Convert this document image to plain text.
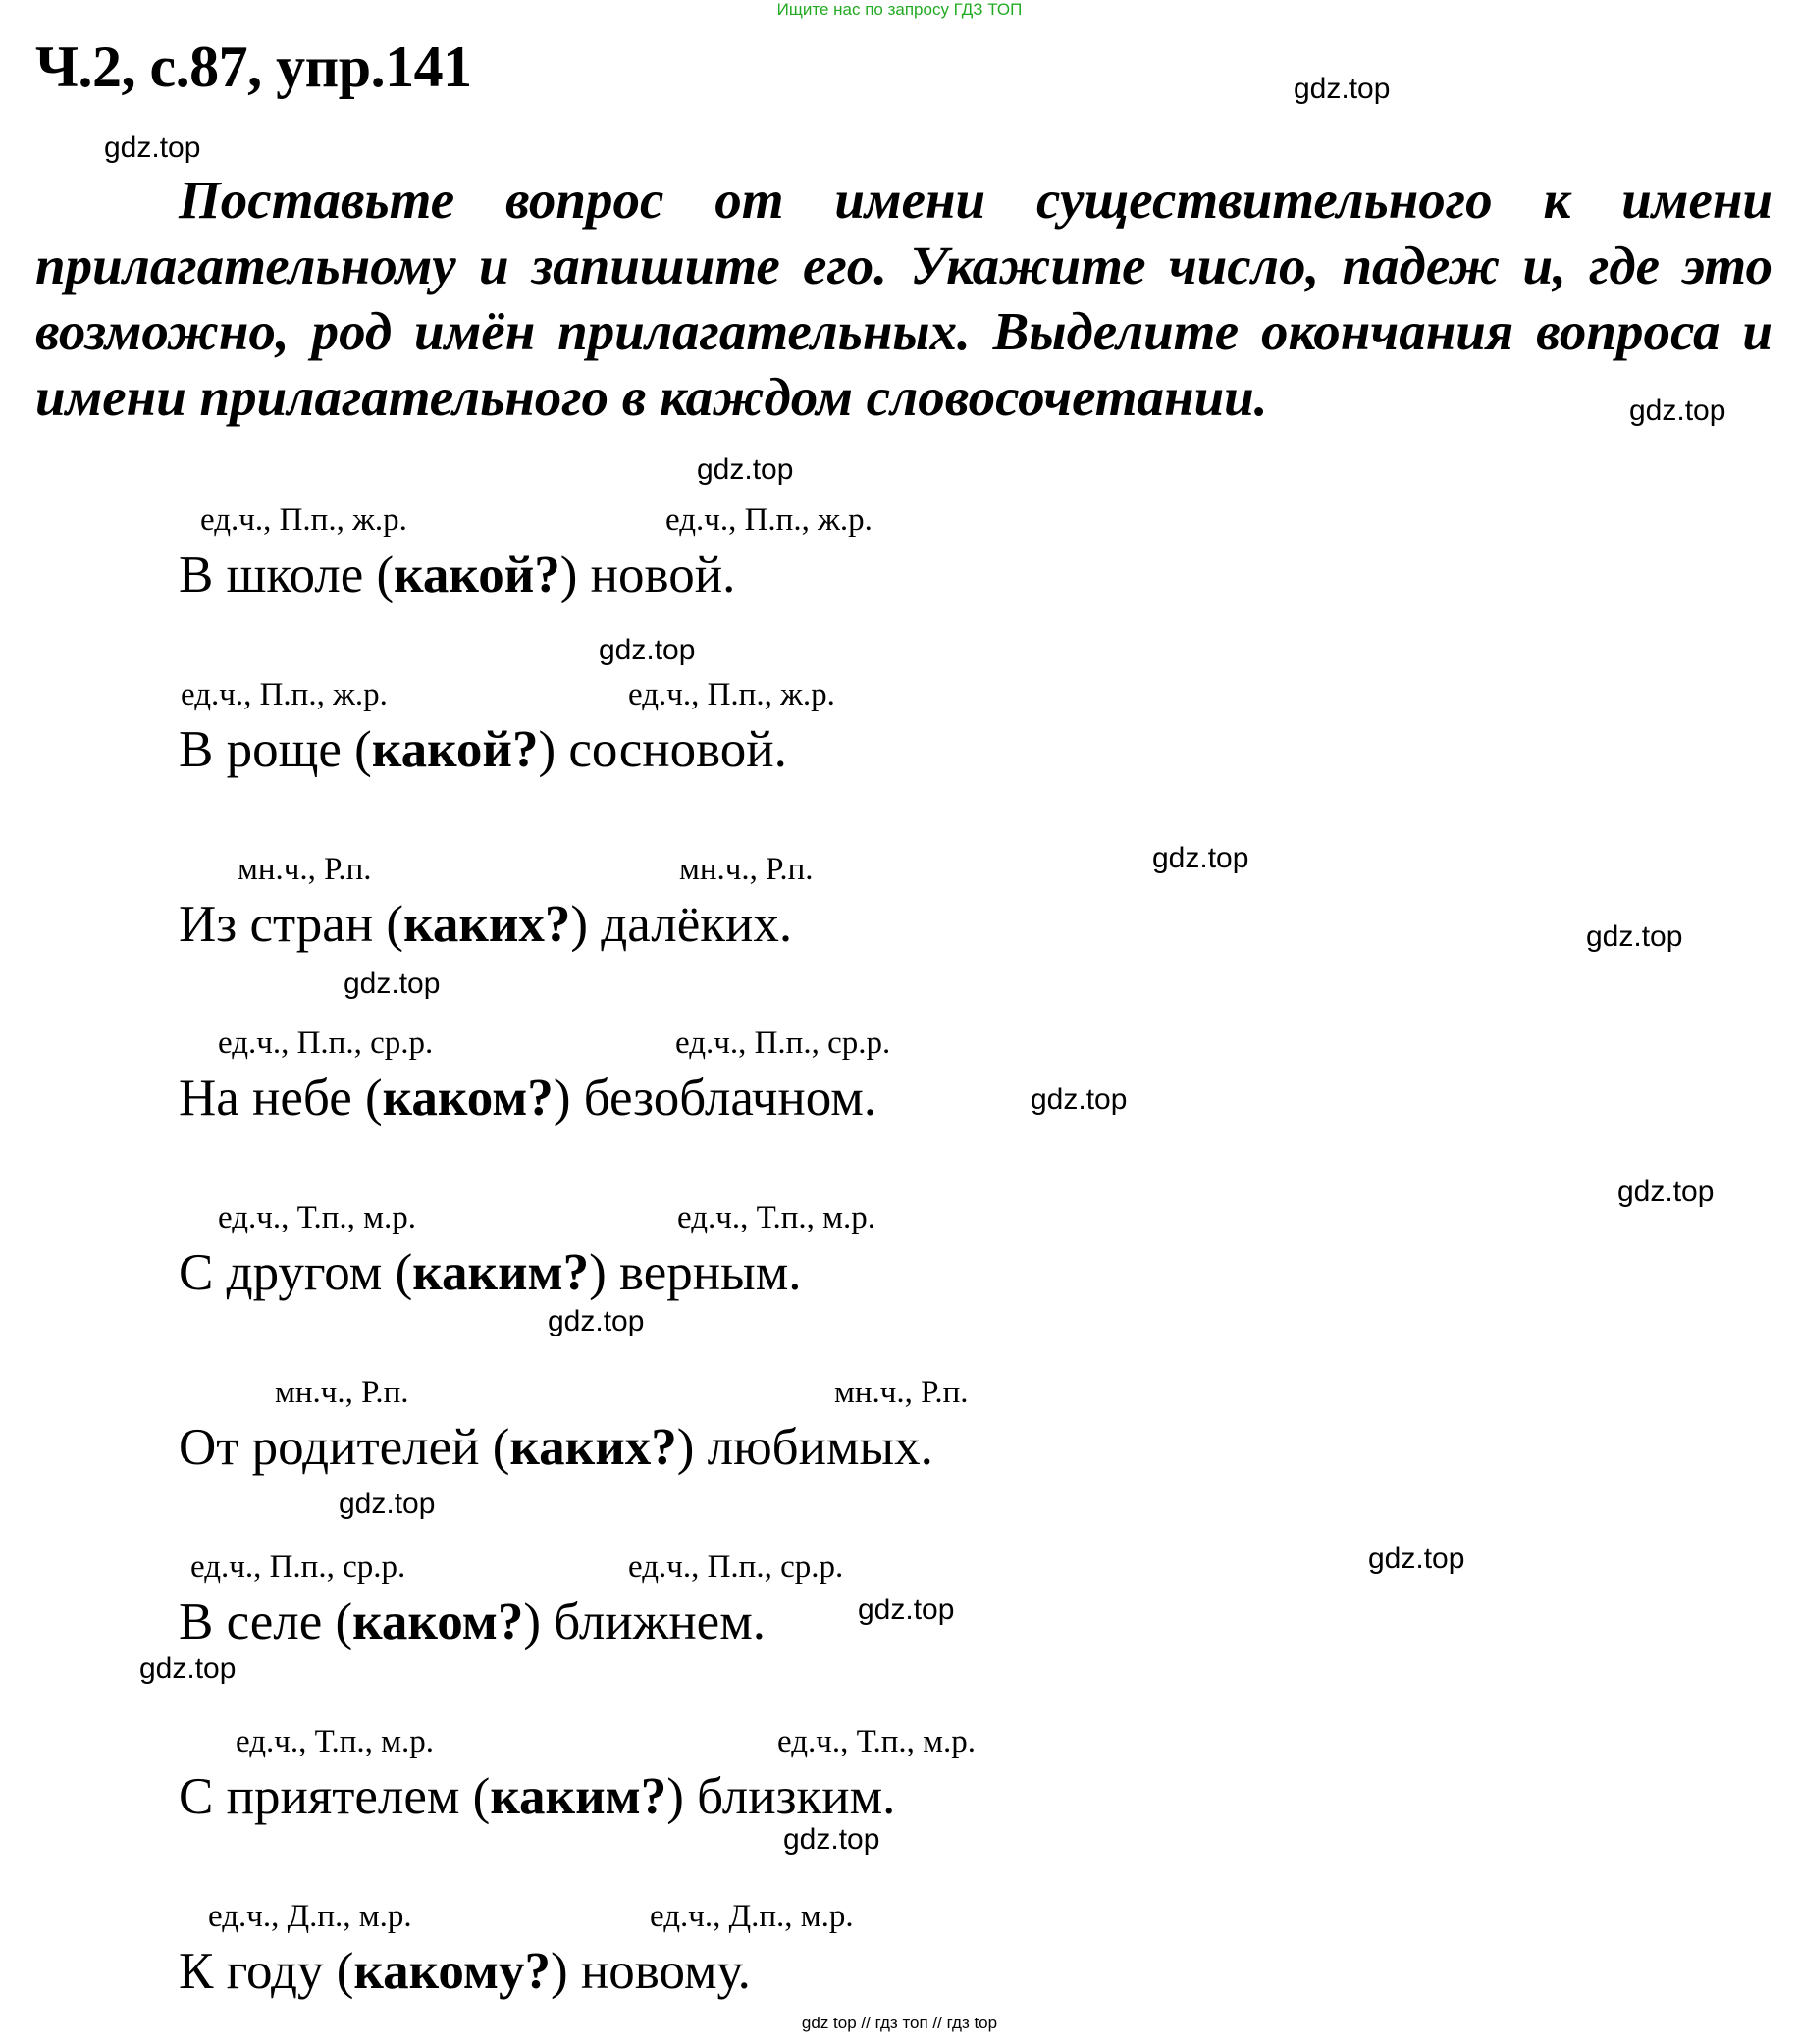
Ищите нас по запросу ГДЗ ТОП
Ч.2, с.87, упр.141
Поставьте вопрос от имени существительного к имени прилагательному и запишите его. Укажите число, падеж и, где это возможно, род имён прилагательных. Выделите окончания вопроса и имени прилагательного в каждом словосочетании.
gdz.top
gdz.top
gdz.top
gdz.top
gdz.top
gdz.top
gdz.top
gdz.top
gdz.top
gdz.top
gdz.top
gdz.top
gdz.top
gdz.top
gdz.top
gdz.top
ед.ч., П.п., ж.р.	ед.ч., П.п., ж.р.
В школе (какой?) новой.
ед.ч., П.п., ж.р.	ед.ч., П.п., ж.р.
В роще (какой?) сосновой.
мн.ч., Р.п.	мн.ч., Р.п.
Из стран (каких?) далёких.
ед.ч., П.п., ср.р.	ед.ч., П.п., ср.р.
На небе (каком?) безоблачном.
ед.ч., Т.п., м.р.	ед.ч., Т.п., м.р.
С другом (каким?) верным.
мн.ч., Р.п.	мн.ч., Р.п.
От родителей (каких?) любимых.
ед.ч., П.п., ср.р.	ед.ч., П.п., ср.р.
В селе (каком?) ближнем.
ед.ч., Т.п., м.р.	ед.ч., Т.п., м.р.
С приятелем (каким?) близким.
ед.ч., Д.п., м.р.	ед.ч., Д.п., м.р.
К году (какому?) новому.
gdz top // гдз топ // гдз top
